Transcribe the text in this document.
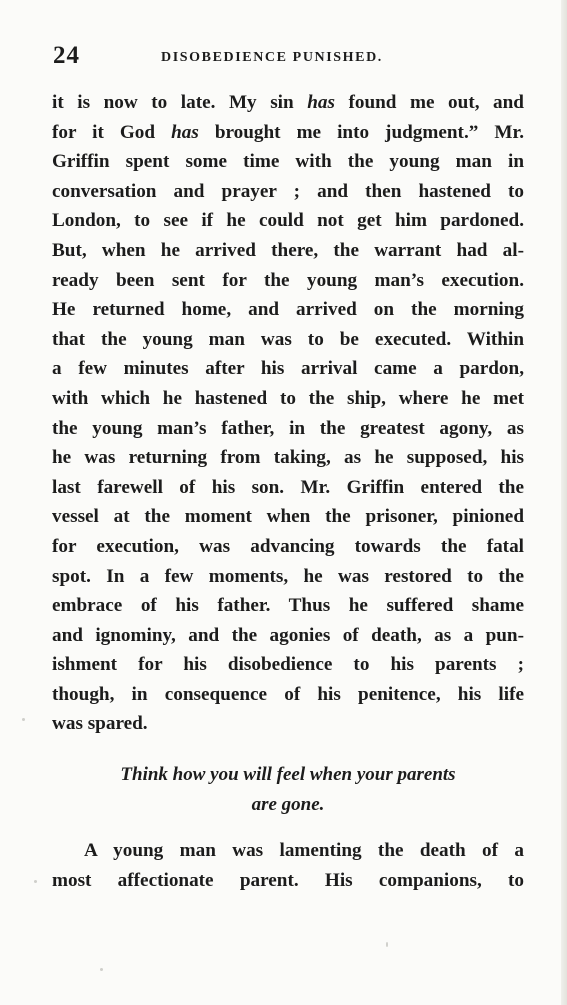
24	DISOBEDIENCE PUNISHED.
it is now to late. My sin has found me out, and
for it God has brought me into judgment.” Mr.
Griffin spent some time with the young man in
conversation and prayer ; and then hastened to
London, to see if he could not get him pardoned.
But, when he arrived there, the warrant had al-
ready been sent for the young man’s execution.
He returned home, and arrived on the morning
that the young man was to be executed. Within
a few minutes after his arrival came a pardon,
with which he hastened to the ship, where he met
the young man’s father, in the greatest agony, as
he was returning from taking, as he supposed, his
last farewell of his son. Mr. Griffin entered the
vessel at the moment when the prisoner, pinioned
for execution, was advancing towards the fatal
spot. In a few moments, he was restored to the
embrace of his father. Thus he suffered shame
and ignominy, and the agonies of death, as a pun-
ishment for his disobedience to his parents ;
though, in consequence of his penitence, his life
was spared.
Think how you will feel when your parents
are gone.
A young man was lamenting the death of a
most affectionate parent. His companions, to
